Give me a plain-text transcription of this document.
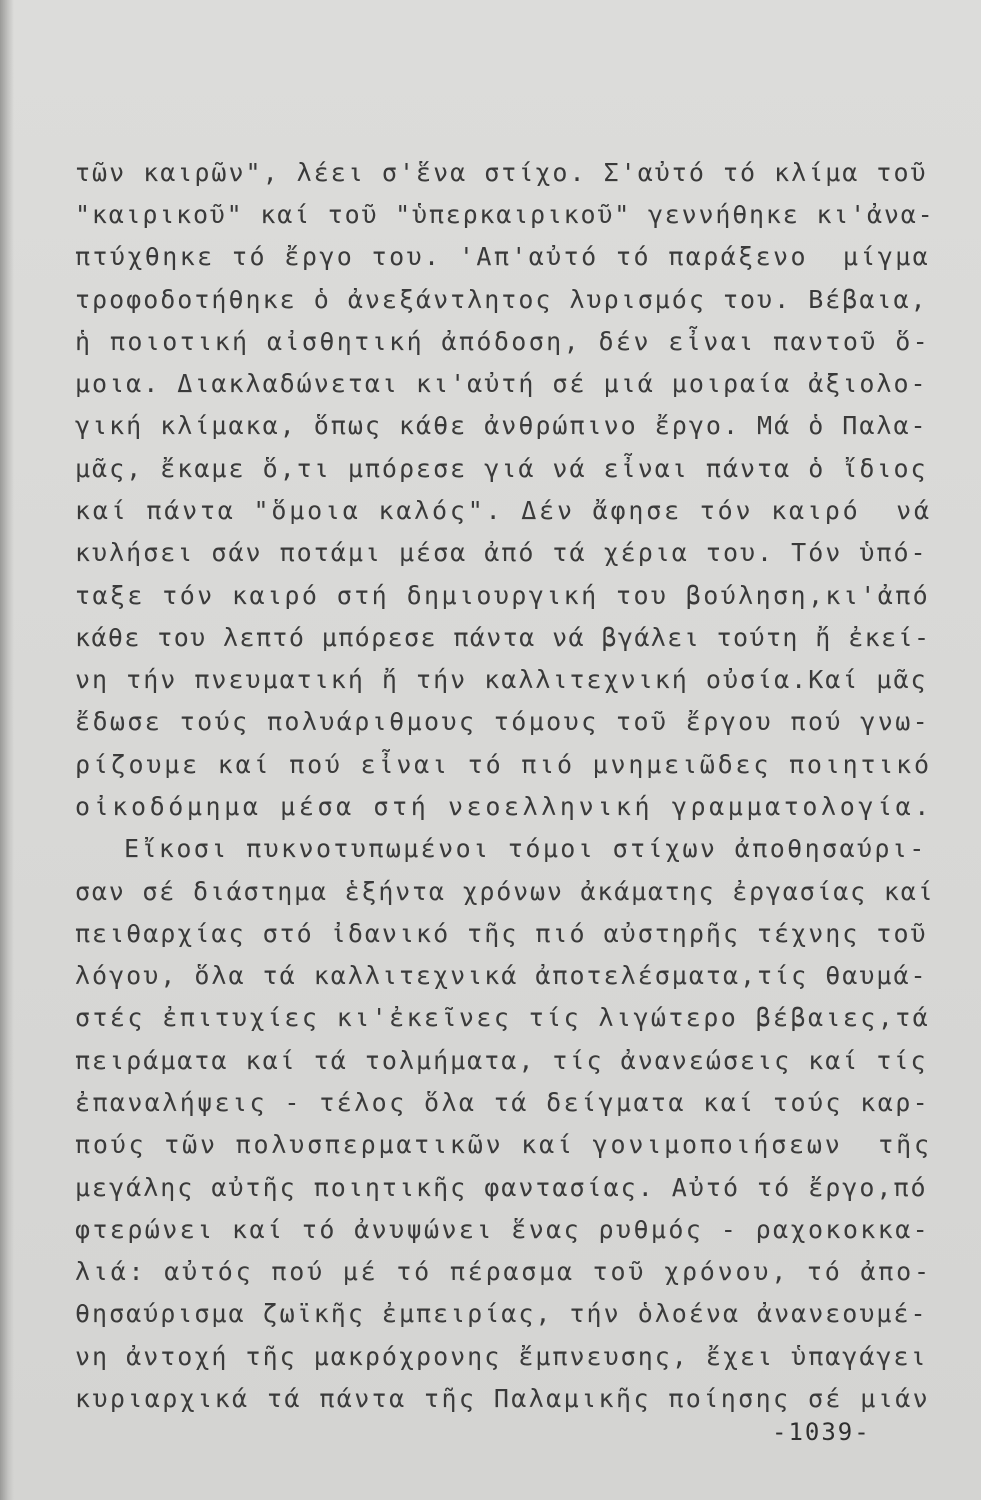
τῶν καιρῶν", λέει σ'ἕνα στίχο. Σ'αὐτό τό κλίμα τοῦ
"καιρικοῦ" καί τοῦ "ὑπερκαιρικοῦ" γεννήθηκε κι'ἀνα-
πτύχθηκε τό ἔργο του. 'Απ'αὐτό τό παράξενο  μίγμα
τροφοδοτήθηκε ὁ ἀνεξάντλητος λυρισμός του. Βέβαια,
ἡ ποιοτική αἰσθητική ἀπόδοση, δέν εἶναι παντοῦ ὅ-
μοια. Διακλαδώνεται κι'αὐτή σέ μιά μοιραία ἀξιολο-
γική κλίμακα, ὅπως κάθε ἀνθρώπινο ἔργο. Μά ὁ Παλα-
μᾶς, ἔκαμε ὅ,τι μπόρεσε γιά νά εἶναι πάντα ὁ ἴδιος
καί πάντα "ὅμοια καλός". Δέν ἄφησε τόν καιρό  νά
κυλήσει σάν ποτάμι μέσα ἀπό τά χέρια του. Τόν ὑπό-
ταξε τόν καιρό στή δημιουργική του βούληση,κι'ἀπό
κάθε του λεπτό μπόρεσε πάντα νά βγάλει τούτη ἤ ἐκεί-
νη τήν πνευματική ἤ τήν καλλιτεχνική οὐσία.Καί μᾶς
ἔδωσε τούς πολυάριθμους τόμους τοῦ ἔργου πού γνω-
ρίζουμε καί πού εἶναι τό πιό μνημειῶδες ποιητικό
οἰκοδόμημα μέσα στή νεοελληνική γραμματολογία.
Εἴκοσι πυκνοτυπωμένοι τόμοι στίχων ἀποθησαύρι-
σαν σέ διάστημα ἑξήντα χρόνων ἀκάματης ἐργασίας καί
πειθαρχίας στό ἰδανικό τῆς πιό αὐστηρῆς τέχνης τοῦ
λόγου, ὅλα τά καλλιτεχνικά ἀποτελέσματα,τίς θαυμά-
στές ἐπιτυχίες κι'ἐκεῖνες τίς λιγώτερο βέβαιες,τά
πειράματα καί τά τολμήματα, τίς ἀνανεώσεις καί τίς
ἐπαναλήψεις - τέλος ὅλα τά δείγματα καί τούς καρ-
πούς τῶν πολυσπερματικῶν καί γονιμοποιήσεων  τῆς
μεγάλης αὐτῆς ποιητικῆς φαντασίας. Αὐτό τό ἔργο,πό
φτερώνει καί τό ἀνυψώνει ἕνας ρυθμός - ραχοκοκκα-
λιά: αὐτός πού μέ τό πέρασμα τοῦ χρόνου, τό ἀπο-
θησαύρισμα ζωϊκῆς ἐμπειρίας, τήν ὁλοένα ἀνανεουμέ-
νη ἀντοχή τῆς μακρόχρονης ἔμπνευσης, ἔχει ὑπαγάγει
κυριαρχικά τά πάντα τῆς Παλαμικῆς ποίησης σέ μιάν
-1039-
